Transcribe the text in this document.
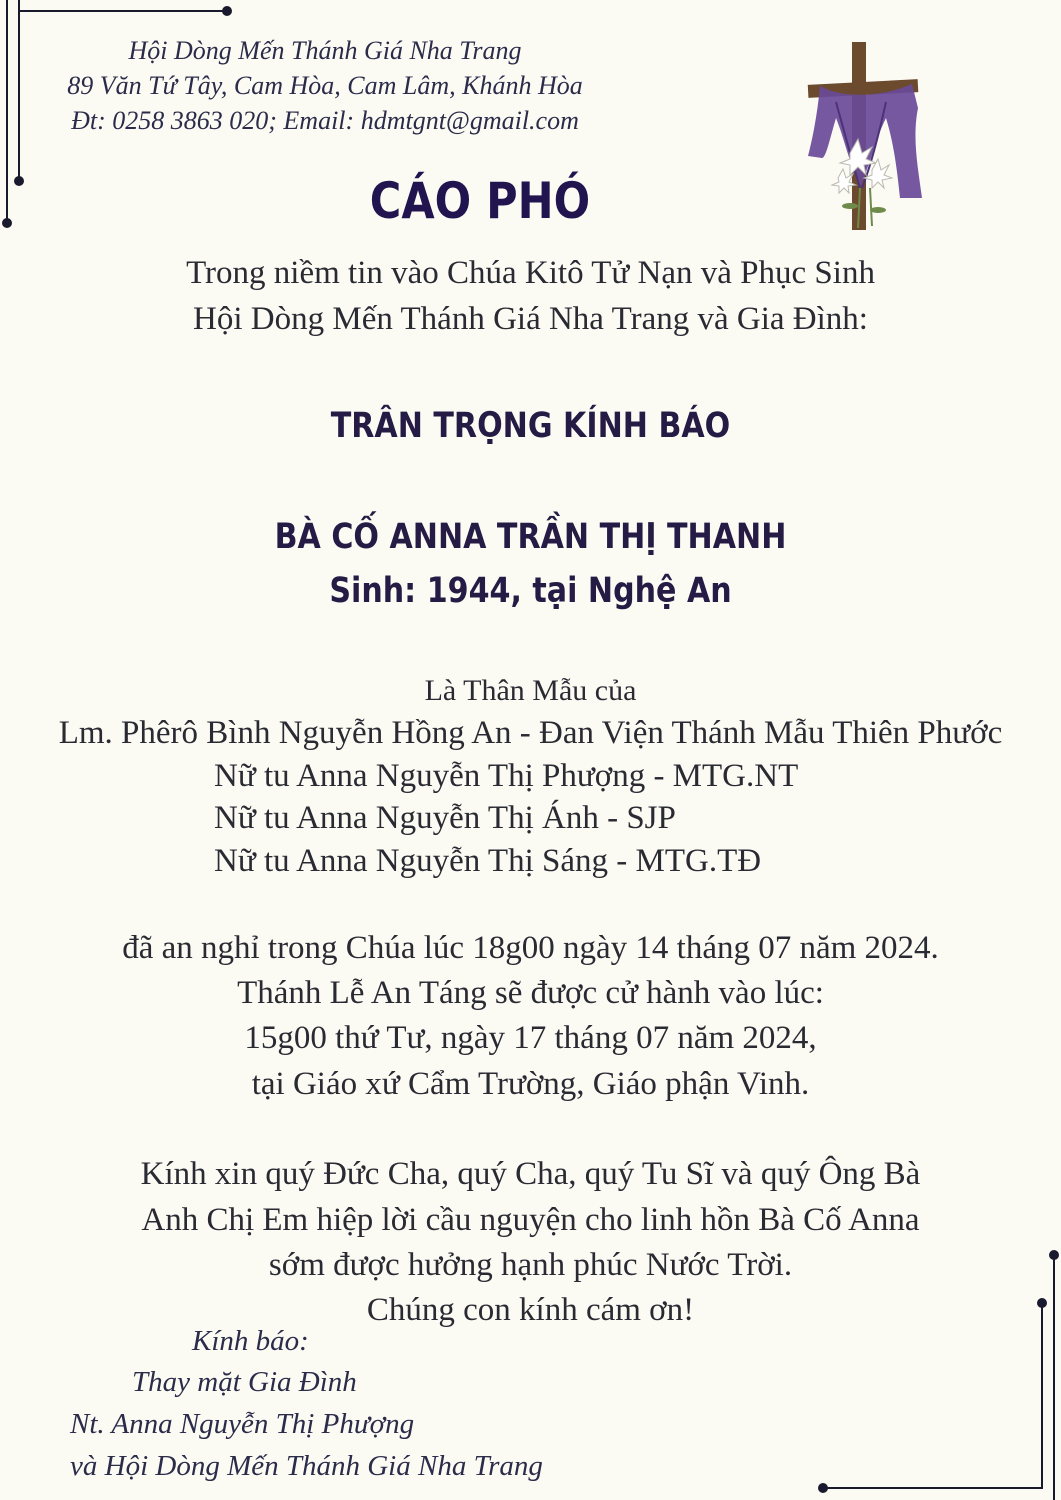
Hội Dòng Mến Thánh Giá Nha Trang
89 Văn Tứ Tây, Cam Hòa, Cam Lâm, Khánh Hòa
Đt: 0258 3863 020; Email: hdmtgnt@gmail.com
CÁO PHÓ
Trong niềm tin vào Chúa Kitô Tử Nạn và Phục Sinh
Hội Dòng Mến Thánh Giá Nha Trang và Gia Đình:
TRÂN TRỌNG KÍNH BÁO
BÀ CỐ ANNA TRẦN THỊ THANH
Sinh: 1944, tại Nghệ An
Là Thân Mẫu của
Lm. Phêrô Bình Nguyễn Hồng An - Đan Viện Thánh Mẫu Thiên Phước
Nữ tu Anna Nguyễn Thị Phượng - MTG.NT
Nữ tu Anna Nguyễn Thị Ánh - SJP
Nữ tu Anna Nguyễn Thị Sáng - MTG.TĐ
đã an nghỉ trong Chúa lúc 18g00 ngày 14 tháng 07 năm 2024.
Thánh Lễ An Táng sẽ được cử hành vào lúc:
15g00 thứ Tư, ngày 17 tháng 07 năm 2024,
tại Giáo xứ Cẩm Trường, Giáo phận Vinh.
Kính xin quý Đức Cha, quý Cha, quý Tu Sĩ và quý Ông Bà
Anh Chị Em hiệp lời cầu nguyện cho linh hồn Bà Cố Anna
sớm được hưởng hạnh phúc Nước Trời.
Chúng con kính cám ơn!
Kính báo:
Thay mặt Gia Đình
Nt. Anna Nguyễn Thị Phượng
và Hội Dòng Mến Thánh Giá Nha Trang
